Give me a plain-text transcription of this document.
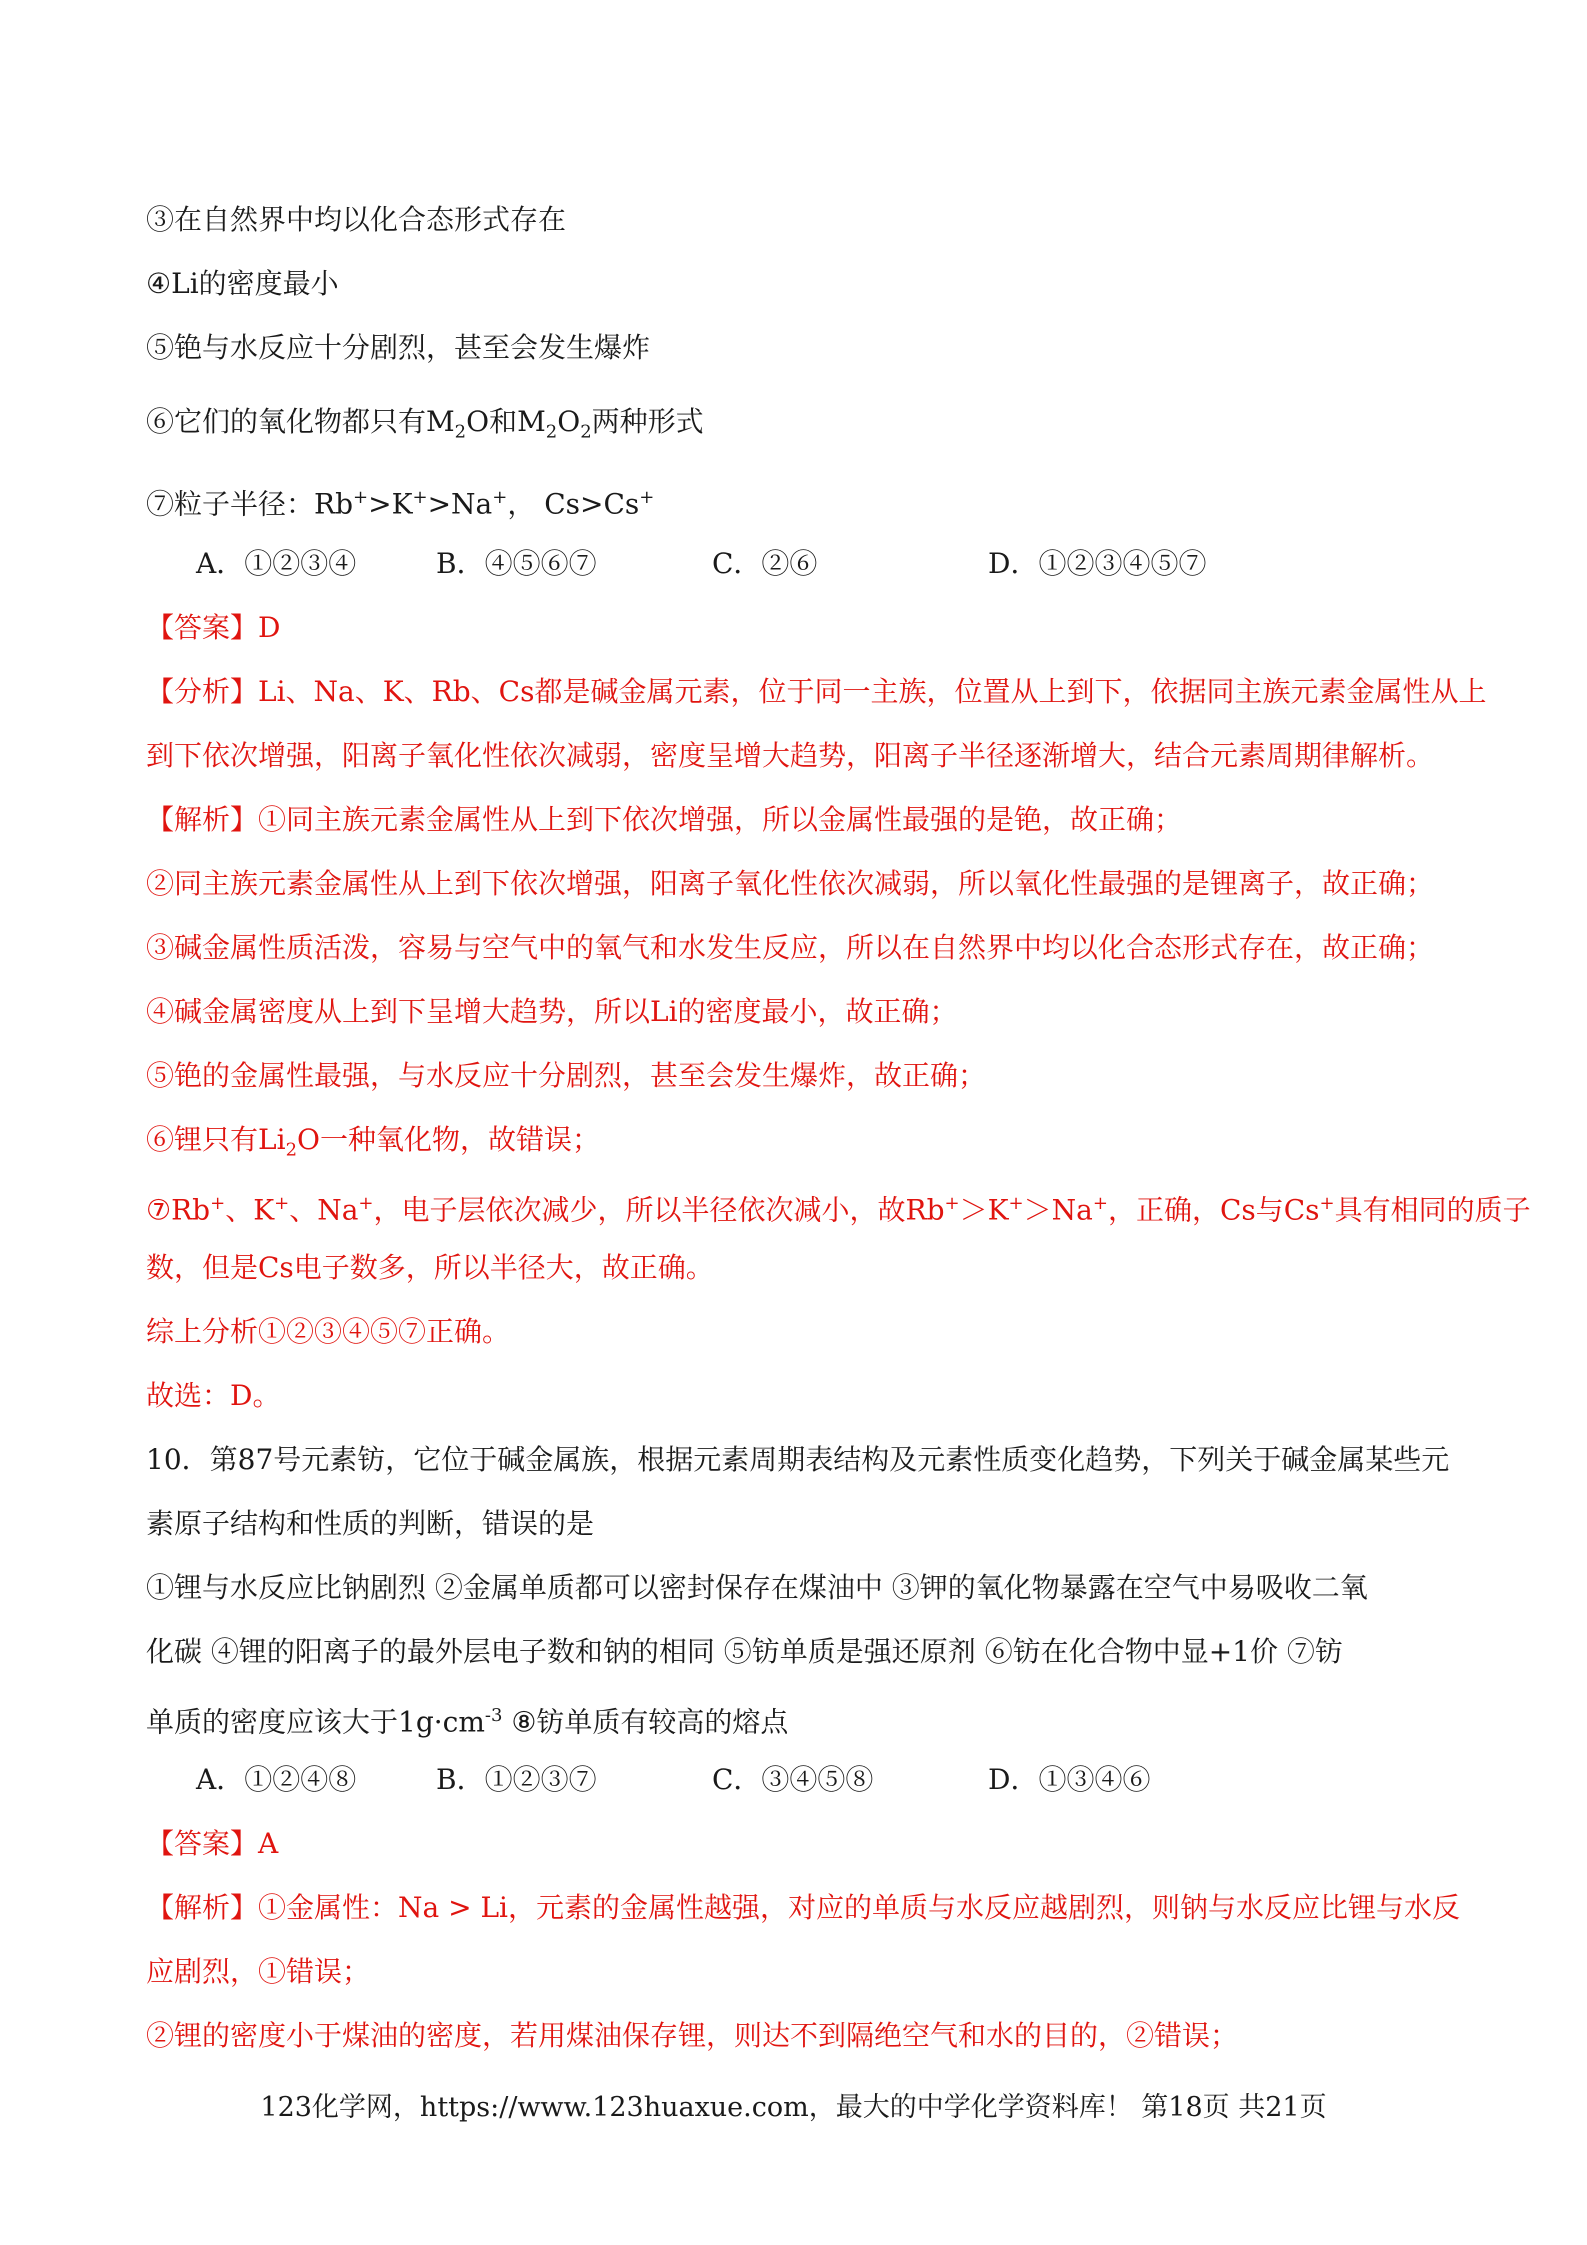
③在自然界中均以化合态形式存在
④Li的密度最小
⑤铯与水反应十分剧烈，甚至会发生爆炸
⑥它们的氧化物都只有$M_2O$和$M_2O_2$两种形式
⑦粒子半径：Rb+>K+>Na+， Cs>Cs+
A．①②③④	B．④⑤⑥⑦	C．②⑥	D．①②③④⑤⑦
【答案】D
【分析】Li、Na、K、Rb、Cs都是碱金属元素，位于同一主族，位置从上到下，依据同主族元素金属性从上
到下依次增强，阳离子氧化性依次减弱，密度呈增大趋势，阳离子半径逐渐增大，结合元素周期律解析。
【解析】①同主族元素金属性从上到下依次增强，所以金属性最强的是铯，故正确；
②同主族元素金属性从上到下依次增强，阳离子氧化性依次减弱，所以氧化性最强的是锂离子，故正确；
③碱金属性质活泼，容易与空气中的氧气和水发生反应，所以在自然界中均以化合态形式存在，故正确；
④碱金属密度从上到下呈增大趋势，所以Li的密度最小，故正确；
⑤铯的金属性最强，与水反应十分剧烈，甚至会发生爆炸，故正确；
⑥锂只有$Li_2O$一种氧化物，故错误；
⑦Rb+、K+、Na+，电子层依次减少，所以半径依次减小，故Rb+＞K+＞Na+，正确，Cs与Cs+具有相同的质子
数，但是Cs电子数多，所以半径大，故正确。
综上分析①②③④⑤⑦正确。
故选：D。
10．第87号元素钫，它位于碱金属族，根据元素周期表结构及元素性质变化趋势，下列关于碱金属某些元
素原子结构和性质的判断，错误的是
①锂与水反应比钠剧烈 ②金属单质都可以密封保存在煤油中 ③钾的氧化物暴露在空气中易吸收二氧
化碳 ④锂的阳离子的最外层电子数和钠的相同 ⑤钫单质是强还原剂 ⑥钫在化合物中显+1价 ⑦钫
单质的密度应该大于$1g\cdot cm^{-3}$ ⑧钫单质有较高的熔点
A．①②④⑧	B．①②③⑦	C．③④⑤⑧	D．①③④⑥
【答案】A
【解析】①金属性：Na > Li，元素的金属性越强，对应的单质与水反应越剧烈，则钠与水反应比锂与水反
应剧烈，①错误；
②锂的密度小于煤油的密度，若用煤油保存锂，则达不到隔绝空气和水的目的，②错误；
123化学网，https://www.123huaxue.com，最大的中学化学资料库！ 第18页 共21页
